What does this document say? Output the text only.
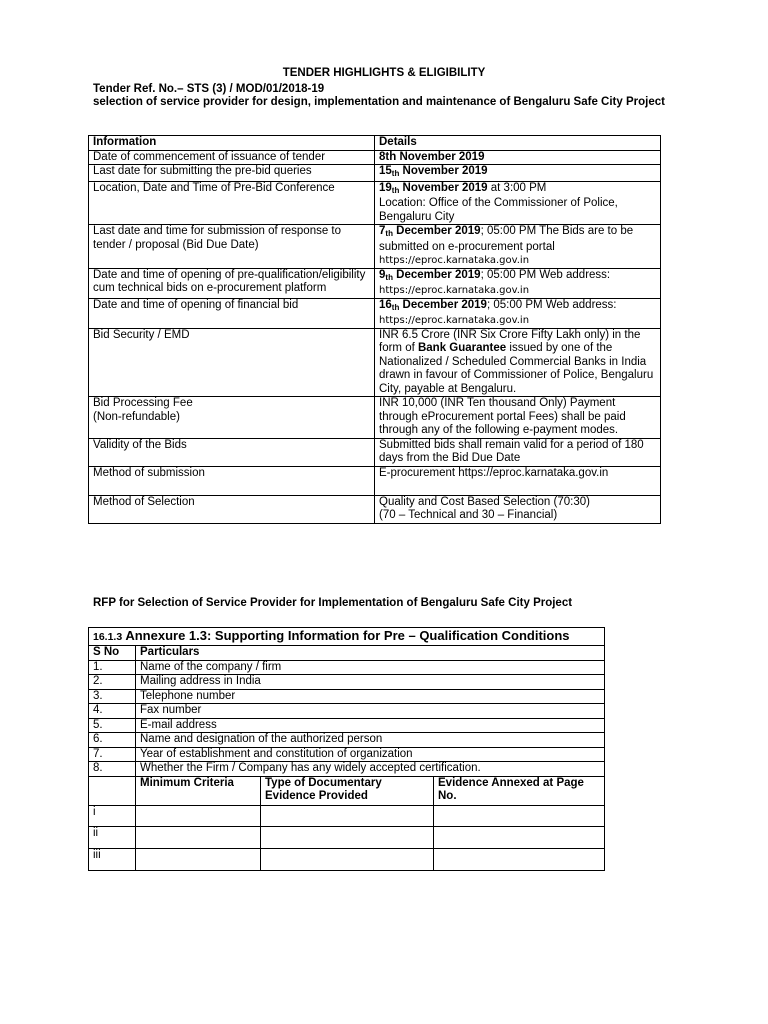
TENDER HIGHLIGHTS & ELIGIBILITY
Tender Ref. No.– STS (3) / MOD/01/2018-19
selection of service provider for design, implementation and maintenance of Bengaluru Safe City Project
Information	Details
Date of commencement of issuance of tender	8th November 2019
Last date for submitting the pre-bid queries	15th November 2019
Location, Date and Time of Pre-Bid Conference	19th November 2019 at 3:00 PM
Location: Office of the Commissioner of Police, Bengaluru City
Last date and time for submission of response to tender / proposal (Bid Due Date)	7th December 2019; 05:00 PM The Bids are to be submitted on e-procurement portal
https://eproc.karnataka.gov.in
Date and time of opening of pre-qualification/eligibility cum technical bids on e-procurement platform	9th December 2019; 05:00 PM Web address:
https://eproc.karnataka.gov.in
Date and time of opening of financial bid	16th December 2019; 05:00 PM Web address:
https://eproc.karnataka.gov.in
Bid Security / EMD	INR 6.5 Crore (INR Six Crore Fifty Lakh only) in the form of Bank Guarantee issued by one of the Nationalized / Scheduled Commercial Banks in India drawn in favour of Commissioner of Police, Bengaluru City, payable at Bengaluru.
Bid Processing Fee
(Non-refundable)	INR 10,000 (INR Ten thousand Only) Payment through eProcurement portal Fees) shall be paid through any of the following e-payment modes.
Validity of the Bids	Submitted bids shall remain valid for a period of 180 days from the Bid Due Date
Method of submission	E-procurement https://eproc.karnataka.gov.in
Method of Selection	Quality and Cost Based Selection (70:30)
(70 – Technical and 30 – Financial)
RFP for Selection of Service Provider for Implementation of Bengaluru Safe City Project
16.1.3 Annexure 1.3: Supporting Information for Pre – Qualification Conditions			
S No	Particulars		
1.	Name of the company / firm		
2.	Mailing address in India		
3.	Telephone number		
4.	Fax number		
5.	E-mail address		
6.	Name and designation of the authorized person		
7.	Year of establishment and constitution of organization		
8.	Whether the Firm / Company has any widely accepted certification.		
	Minimum Criteria	Type of Documentary Evidence Provided	Evidence Annexed at Page No.
i			
ii			
iii			
